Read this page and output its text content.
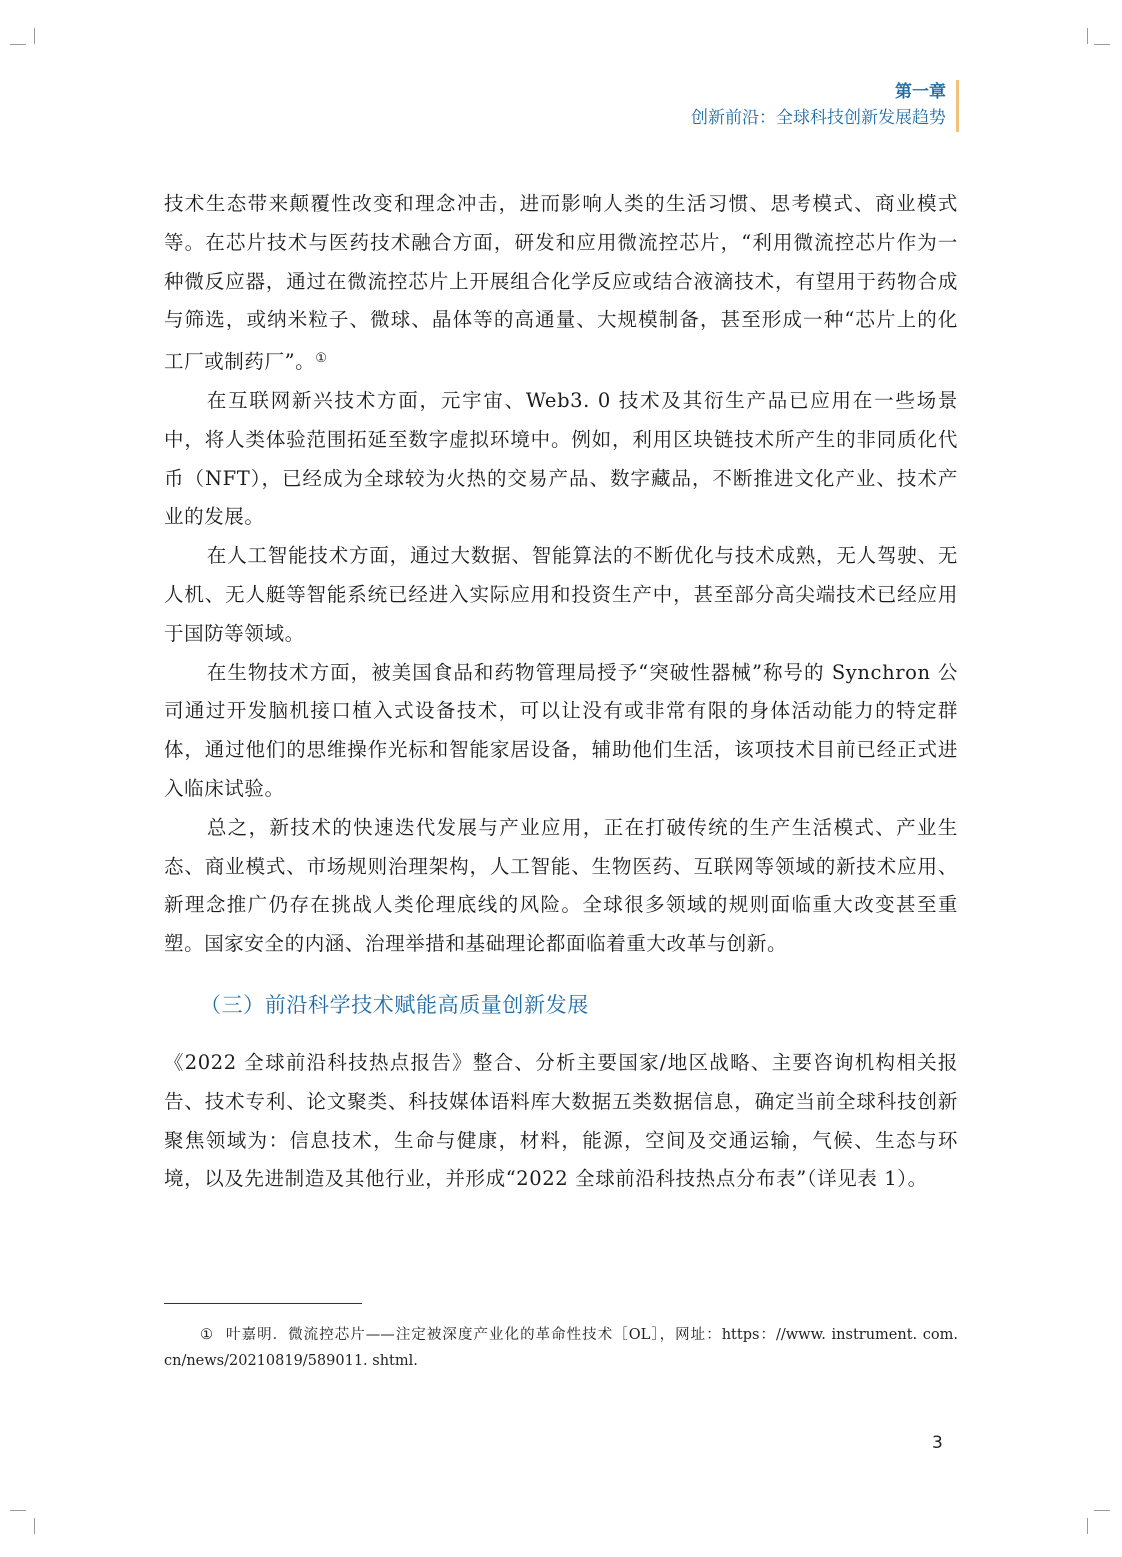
第一章
创新前沿：全球科技创新发展趋势

技术生态带来颠覆性改变和理念冲击，进而影响人类的生活习惯、思考模式、商业模式等。在芯片技术与医药技术融合方面，研发和应用微流控芯片，“利用微流控芯片作为一种微反应器，通过在微流控芯片上开展组合化学反应或结合液滴技术，有望用于药物合成与筛选，或纳米粒子、微球、晶体等的高通量、大规模制备，甚至形成一种“芯片上的化工厂或制药厂”。①

在互联网新兴技术方面，元宇宙、Web3. 0 技术及其衍生产品已应用在一些场景中，将人类体验范围拓延至数字虚拟环境中。例如，利用区块链技术所产生的非同质化代币（NFT），已经成为全球较为火热的交易产品、数字藏品，不断推进文化产业、技术产业的发展。

在人工智能技术方面，通过大数据、智能算法的不断优化与技术成熟，无人驾驶、无人机、无人艇等智能系统已经进入实际应用和投资生产中，甚至部分高尖端技术已经应用于国防等领域。

在生物技术方面，被美国食品和药物管理局授予“突破性器械”称号的 Synchron 公司通过开发脑机接口植入式设备技术，可以让没有或非常有限的身体活动能力的特定群体，通过他们的思维操作光标和智能家居设备，辅助他们生活，该项技术目前已经正式进入临床试验。

总之，新技术的快速迭代发展与产业应用，正在打破传统的生产生活模式、产业生态、商业模式、市场规则治理架构，人工智能、生物医药、互联网等领域的新技术应用、新理念推广仍存在挑战人类伦理底线的风险。全球很多领域的规则面临重大改变甚至重塑。国家安全的内涵、治理举措和基础理论都面临着重大改革与创新。

（三）前沿科学技术赋能高质量创新发展

《2022 全球前沿科技热点报告》整合、分析主要国家/地区战略、主要咨询机构相关报告、技术专利、论文聚类、科技媒体语料库大数据五类数据信息，确定当前全球科技创新聚焦领域为：信息技术，生命与健康，材料，能源，空间及交通运输，气候、生态与环境，以及先进制造及其他行业，并形成“2022 全球前沿科技热点分布表”（详见表 1）。

① 叶嘉明．微流控芯片——注定被深度产业化的革命性技术［OL］，网址：https：//www. instrument. com. cn/news/20210819/589011. shtml.
3
